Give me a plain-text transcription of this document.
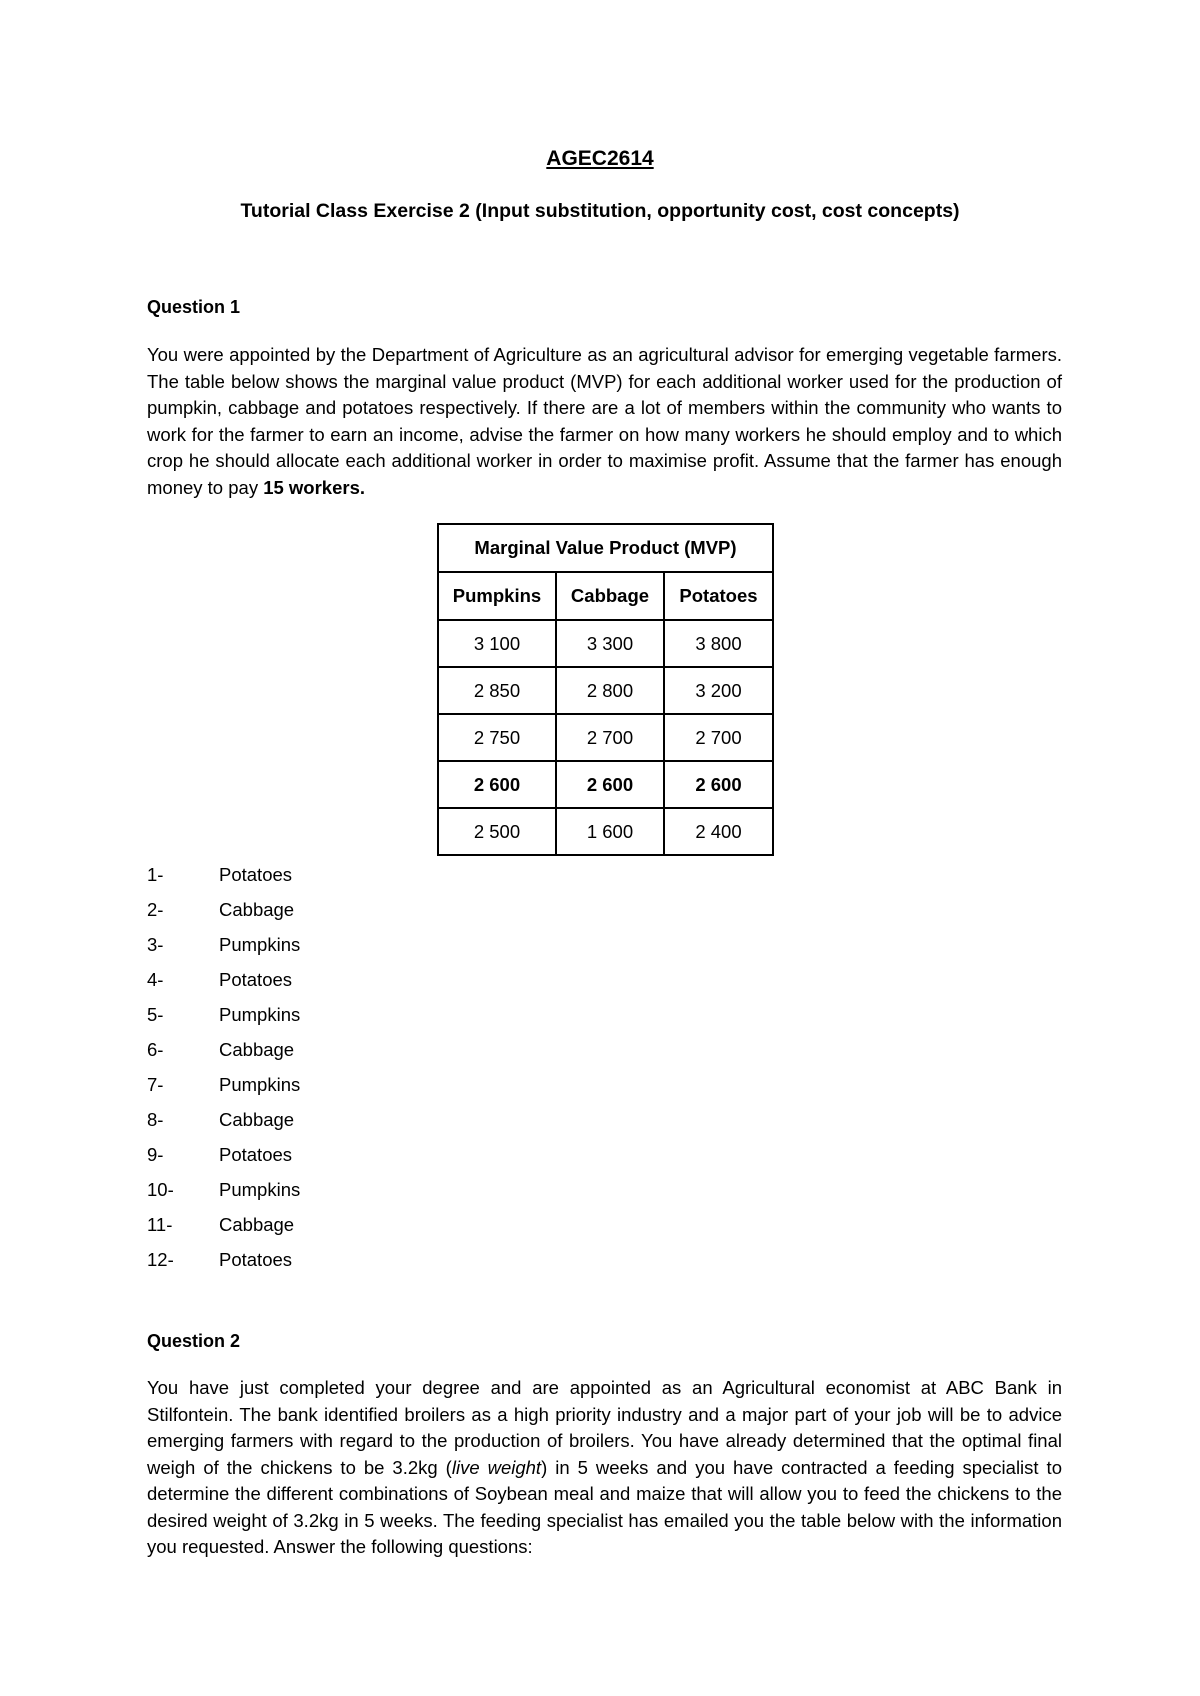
AGEC2614
Tutorial Class Exercise 2 (Input substitution, opportunity cost, cost concepts)
Question 1
You were appointed by the Department of Agriculture as an agricultural advisor for emerging vegetable farmers. The table below shows the marginal value product (MVP) for each additional worker used for the production of pumpkin, cabbage and potatoes respectively. If there are a lot of members within the community who wants to work for the farmer to earn an income, advise the farmer on how many workers he should employ and to which crop he should allocate each additional worker in order to maximise profit. Assume that the farmer has enough money to pay 15 workers.
Marginal Value Product (MVP)		
Pumpkins	Cabbage	Potatoes
3 100	3 300	3 800
2 850	2 800	3 200
2 750	2 700	2 700
2 600	2 600	2 600
2 500	1 600	2 400
1-	Potatoes
2-	Cabbage
3-	Pumpkins
4-	Potatoes
5-	Pumpkins
6-	Cabbage
7-	Pumpkins
8-	Cabbage
9-	Potatoes
10- Pumpkins
11-	Cabbage
12- Potatoes
Question 2
You have just completed your degree and are appointed as an Agricultural economist at ABC Bank in Stilfontein. The bank identified broilers as a high priority industry and a major part of your job will be to advice emerging farmers with regard to the production of broilers. You have already determined that the optimal final weigh of the chickens to be 3.2kg (live weight) in 5 weeks and you have contracted a feeding specialist to determine the different combinations of Soybean meal and maize that will allow you to feed the chickens to the desired weight of 3.2kg in 5 weeks. The feeding specialist has emailed you the table below with the information you requested. Answer the following questions:
